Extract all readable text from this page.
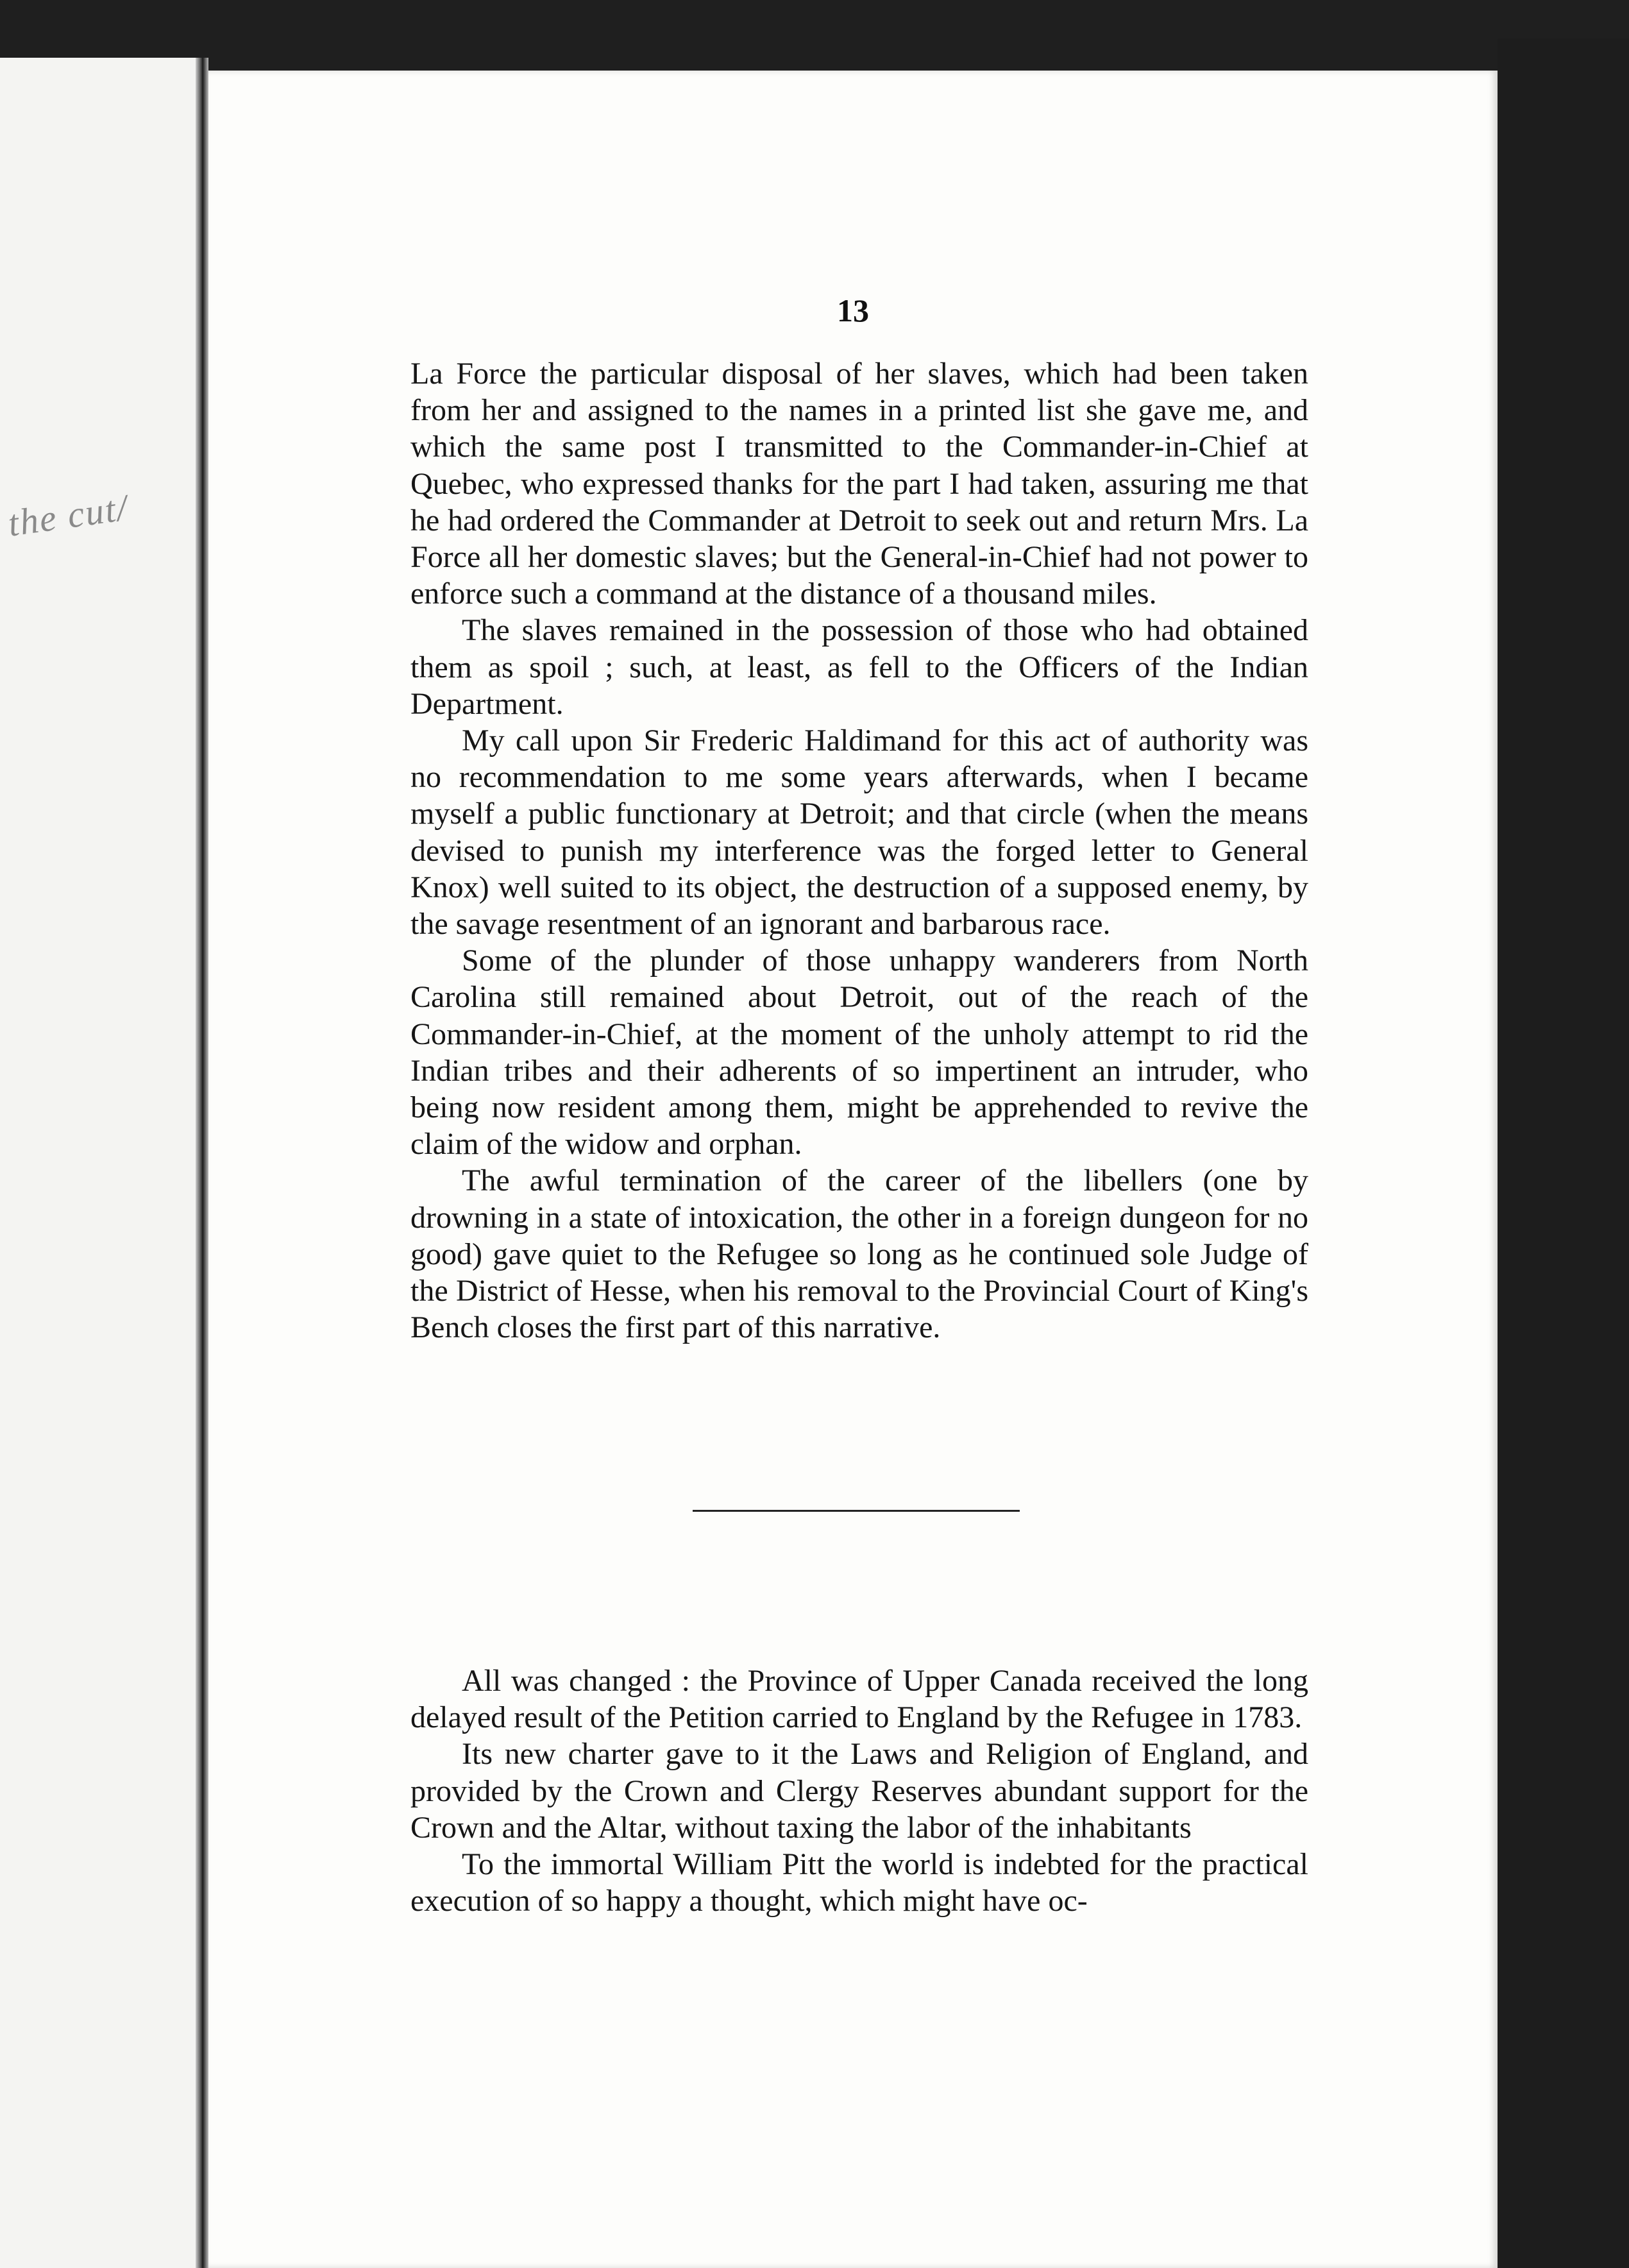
the cut/
13

La Force the particular disposal of her slaves, which had been taken from her and assigned to the names in a printed list she gave me, and which the same post I transmitted to the Commander-in-Chief at Quebec, who expressed thanks for the part I had taken, assuring me that he had ordered the Commander at Detroit to seek out and return Mrs. La Force all her domestic slaves; but the General-in-Chief had not power to enforce such a command at the distance of a thousand miles.

The slaves remained in the possession of those who had obtained them as spoil ; such, at least, as fell to the Officers of the Indian Department.

My call upon Sir Frederic Haldimand for this act of authority was no recommendation to me some years afterwards, when I became myself a public functionary at Detroit; and that circle (when the means devised to punish my interference was the forged letter to General Knox) well suited to its object, the destruction of a supposed enemy, by the savage resentment of an ignorant and barbarous race.

Some of the plunder of those unhappy wanderers from North Carolina still remained about Detroit, out of the reach of the Commander-in-Chief, at the moment of the unholy attempt to rid the Indian tribes and their adherents of so impertinent an intruder, who being now resident among them, might be apprehended to revive the claim of the widow and orphan.

The awful termination of the career of the libellers (one by drowning in a state of intoxication, the other in a foreign dungeon for no good) gave quiet to the Refugee so long as he continued sole Judge of the District of Hesse, when his removal to the Provincial Court of King's Bench closes the first part of this narrative.

All was changed : the Province of Upper Canada received the long delayed result of the Petition carried to England by the Refugee in 1783.

Its new charter gave to it the Laws and Religion of England, and provided by the Crown and Clergy Reserves abundant support for the Crown and the Altar, without taxing the labor of the inhabitants

To the immortal William Pitt the world is indebted for the practical execution of so happy a thought, which might have oc-
